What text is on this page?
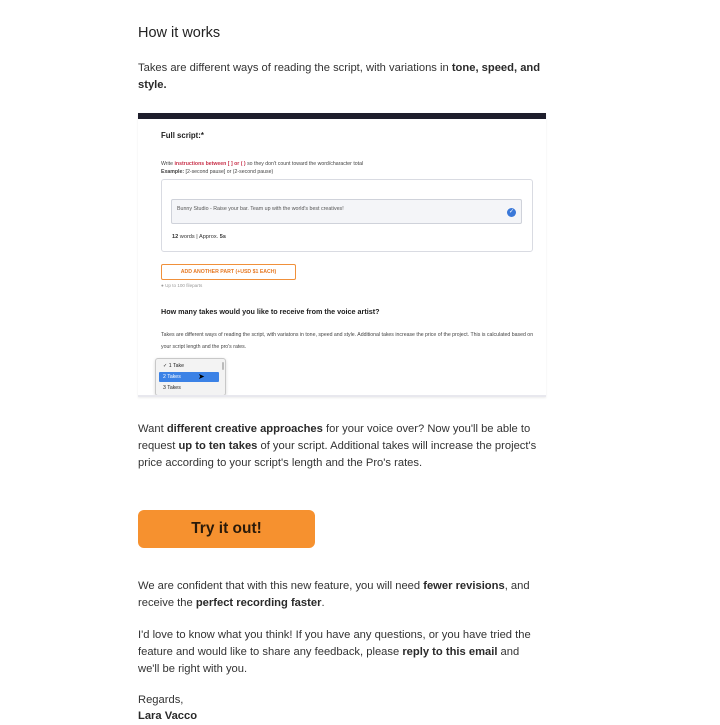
How it works
Takes are different ways of reading the script, with variations in tone, speed, and style.
Full script:*
Write instructions between [ ] or ( ) so they don't count toward the word/character total
Example: [2-second pause] or (2-second pause)
Bunny Studio - Raise your bar. Team up with the world's best creatives!	✓
12 words | Approx. 5s
ADD ANOTHER PART (+USD $1 EACH)
● Up to 100 fileparts
How many takes would you like to receive from the voice artist?
Takes are different ways of reading the script, with variatons in tone, speed and style. Additional takes increase the price of the project. This is calculated based on your script length and the pro's rates.
✓ 1 Take
2 Takes
3 Takes
➤
Want different creative approaches for your voice over? Now you'll be able to request up to ten takes of your script. Additional takes will increase the project's price according to your script's length and the Pro's rates.
Try it out!
We are confident that with this new feature, you will need fewer revisions, and receive the perfect recording faster.
I'd love to know what you think! If you have any questions, or you have tried the feature and would like to share any feedback, please reply to this email and we'll be right with you.
Regards,
Lara Vacco
